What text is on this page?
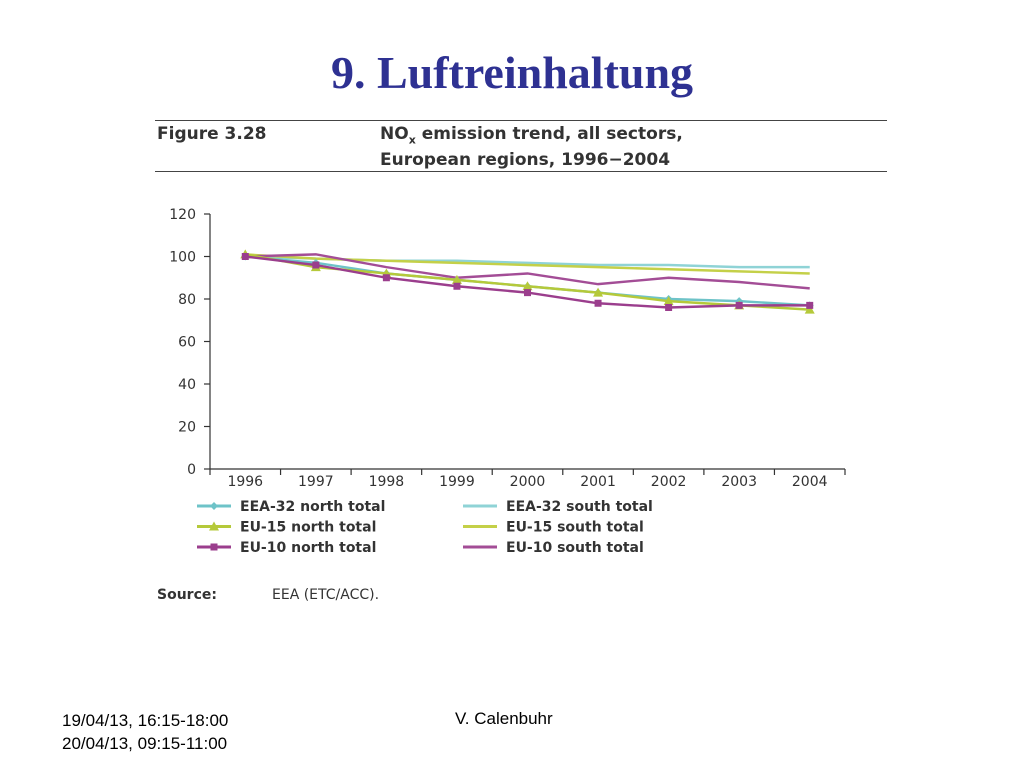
9. Luftreinhaltung
Figure 3.28	$NO_x$ emission trend, all sectors,
European regions, 1996−2004
0
20
40
60
80
100
120
1996 1997 1998 1999 2000 2001 2002 2003 2004
EEA-32 north total	EEA-32 south total
EU-15 north total	EU-15 south total
EU-10 north total	EU-10 south total
Source:	EEA (ETC/ACC).
19/04/13, 16:15-18:00
20/04/13, 09:15-11:00
V. Calenbuhr
